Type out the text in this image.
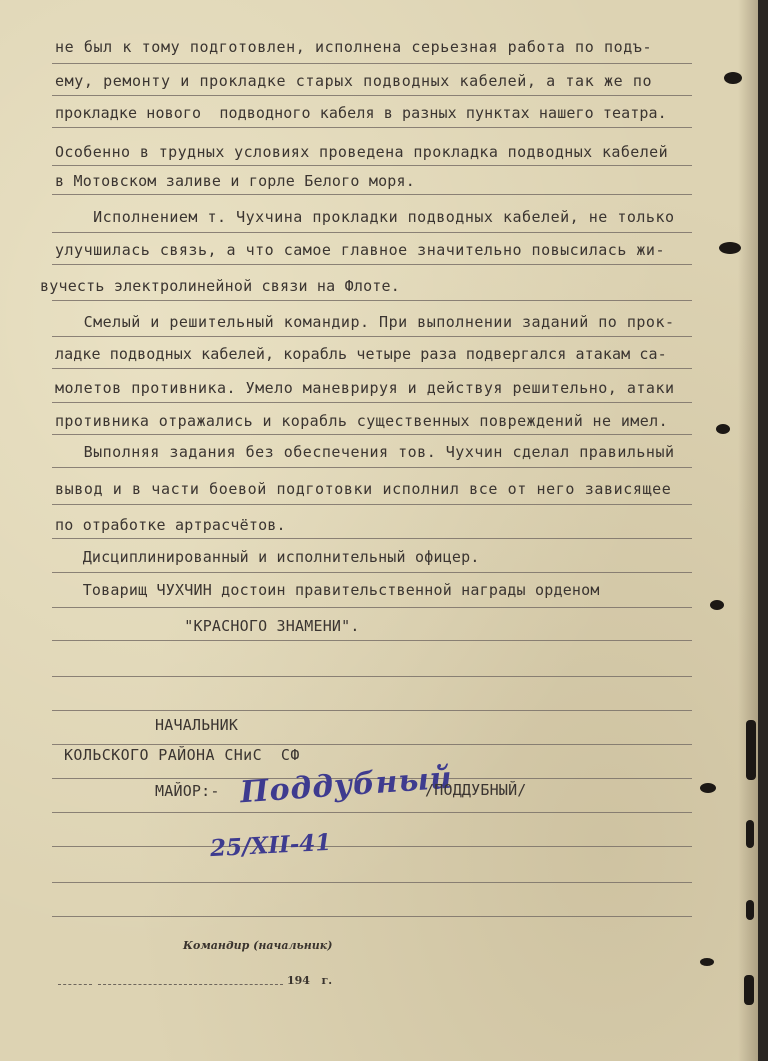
не был к тому подготовлен, исполнена серьезная работа по подъ-
ему, ремонту и прокладке старых подводных кабелей, а так же по
прокладке нового  подводного кабеля в разных пунктах нашего театра.
Особенно в трудных условиях проведена прокладка подводных кабелей
в Мотовском заливе и горле Белого моря.
Исполнением т. Чухчина прокладки подводных кабелей, не только
улучшилась связь, а что самое главное значительно повысилась жи-
вучесть электролинейной связи на Флоте.
Смелый и решительный командир. При выполнении заданий по прок-
ладке подводных кабелей, корабль четыре раза подвергался атакам са-
молетов противника. Умело маневрируя и действуя решительно, атаки
противника отражались и корабль существенных повреждений не имел.
Выполняя задания без обеспечения тов. Чухчин сделал правильный
вывод и в части боевой подготовки исполнил все от него зависящее
по отработке артрасчётов.
Дисциплинированный и исполнительный офицер.
Товарищ ЧУХЧИН достоин правительственной награды орденом
"КРАСНОГО ЗНАМЕНИ".
НАЧАЛЬНИК
КОЛЬСКОГО РАЙОНА СНиС  СФ
МАЙОР:- Поддубный
/ПОДДУБНЫЙ/
25/XII-41
Командир (начальник)
194   г.
